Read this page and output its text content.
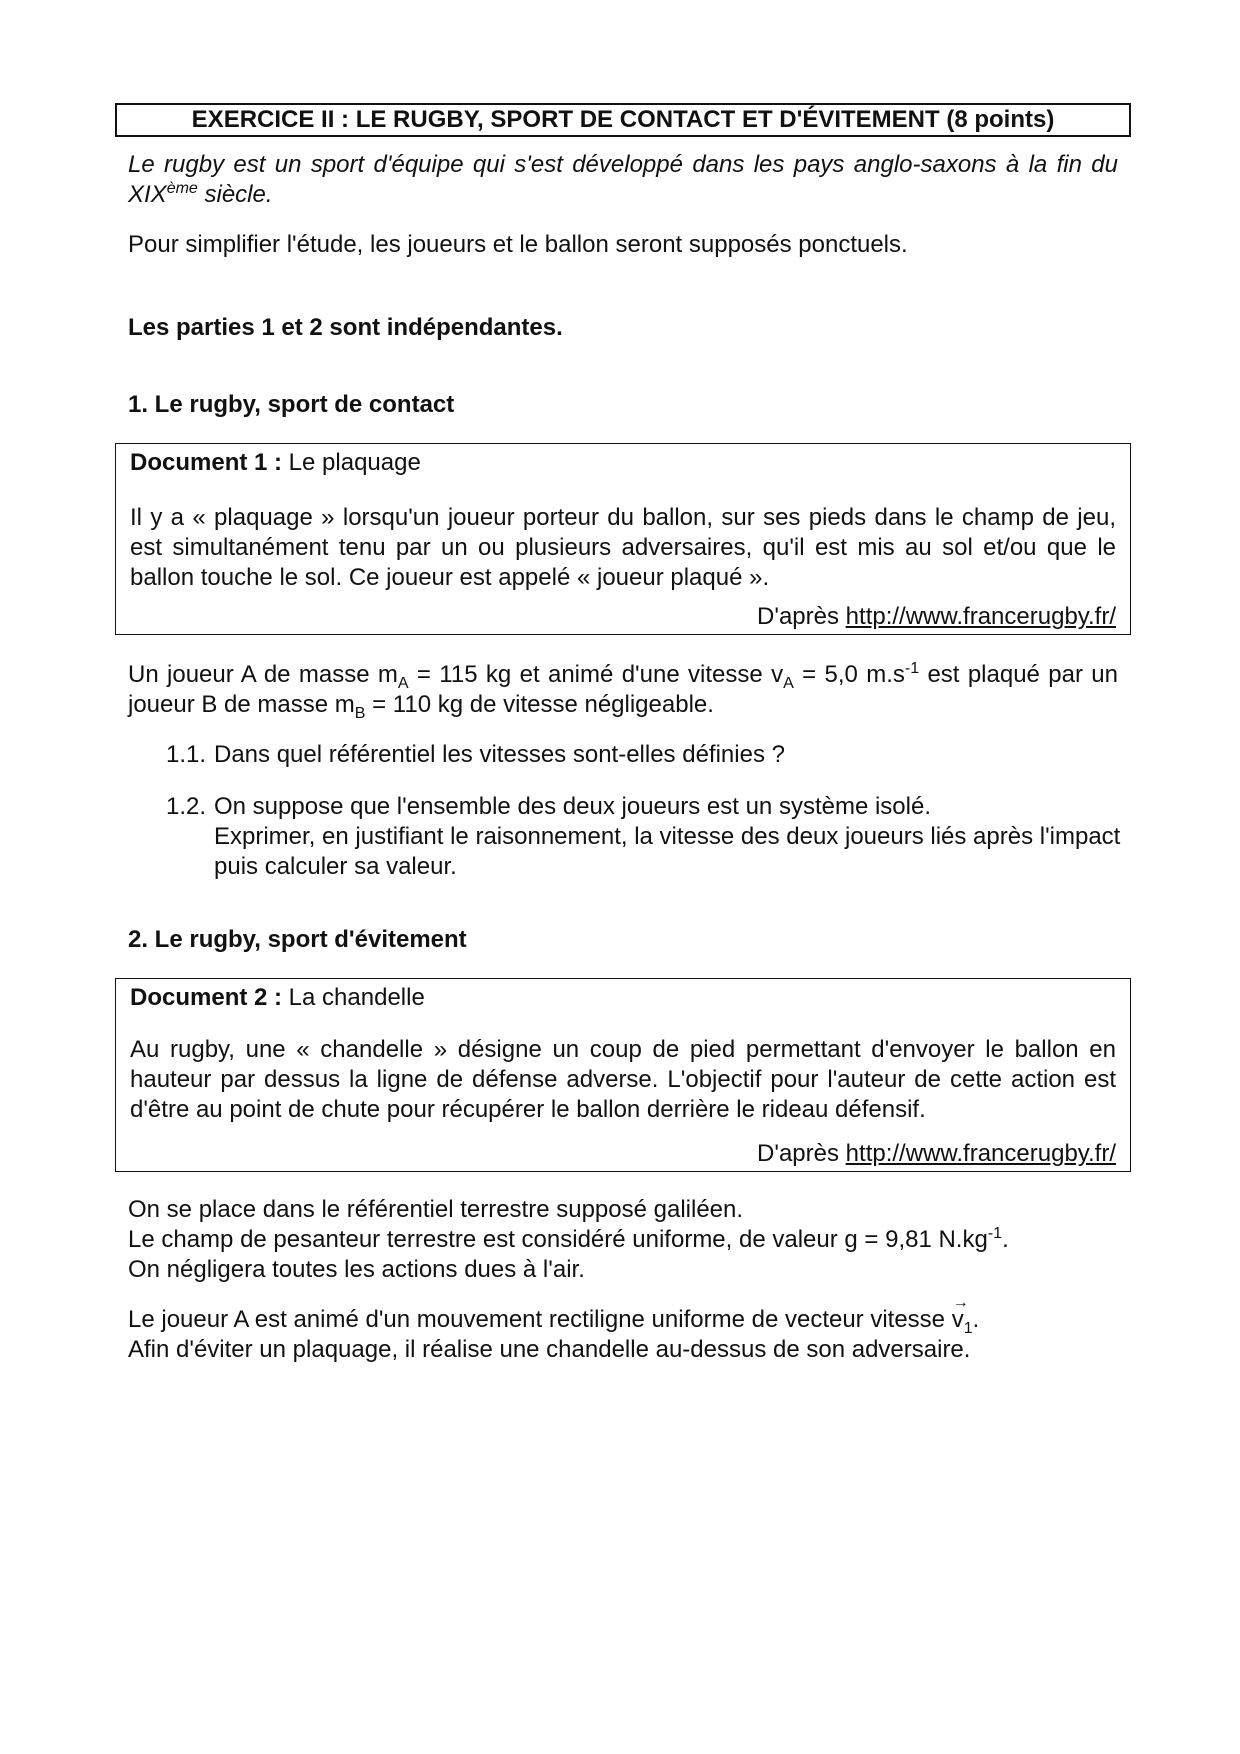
EXERCICE II : LE RUGBY, SPORT DE CONTACT ET D'ÉVITEMENT (8 points)
Le rugby est un sport d'équipe qui s'est développé dans les pays anglo-saxons à la fin du XIXème siècle.
Pour simplifier l'étude, les joueurs et le ballon seront supposés ponctuels.
Les parties 1 et 2 sont indépendantes.
1. Le rugby, sport de contact

Document 1 : Le plaquage

Il y a « plaquage » lorsqu'un joueur porteur du ballon, sur ses pieds dans le champ de jeu, est simultanément tenu par un ou plusieurs adversaires, qu'il est mis au sol et/ou que le ballon touche le sol. Ce joueur est appelé « joueur plaqué ».

D'après http://www.francerugby.fr/
Un joueur A de masse $m_A = 115$ kg et animé d'une vitesse $v_A = 5,0$ $m.s^{-1}$ est plaqué par un joueur B de masse $m_B = 110$ kg de vitesse négligeable.
1.1. Dans quel référentiel les vitesses sont-elles définies ?
1.2. On suppose que l'ensemble des deux joueurs est un système isolé.
Exprimer, en justifiant le raisonnement, la vitesse des deux joueurs liés après l'impact puis calculer sa valeur.
2. Le rugby, sport d'évitement

Document 2 : La chandelle

Au rugby, une « chandelle » désigne un coup de pied permettant d'envoyer le ballon en hauteur par dessus la ligne de défense adverse. L'objectif pour l'auteur de cette action est d'être au point de chute pour récupérer le ballon derrière le rideau défensif.

D'après http://www.francerugby.fr/
On se place dans le référentiel terrestre supposé galiléen.
Le champ de pesanteur terrestre est considéré uniforme, de valeur g = 9,81 $N.kg^{-1}$.
On négligera toutes les actions dues à l'air.
Le joueur A est animé d'un mouvement rectiligne uniforme de vecteur vitesse → $v_1$.
Afin d'éviter un plaquage, il réalise une chandelle au-dessus de son adversaire.
